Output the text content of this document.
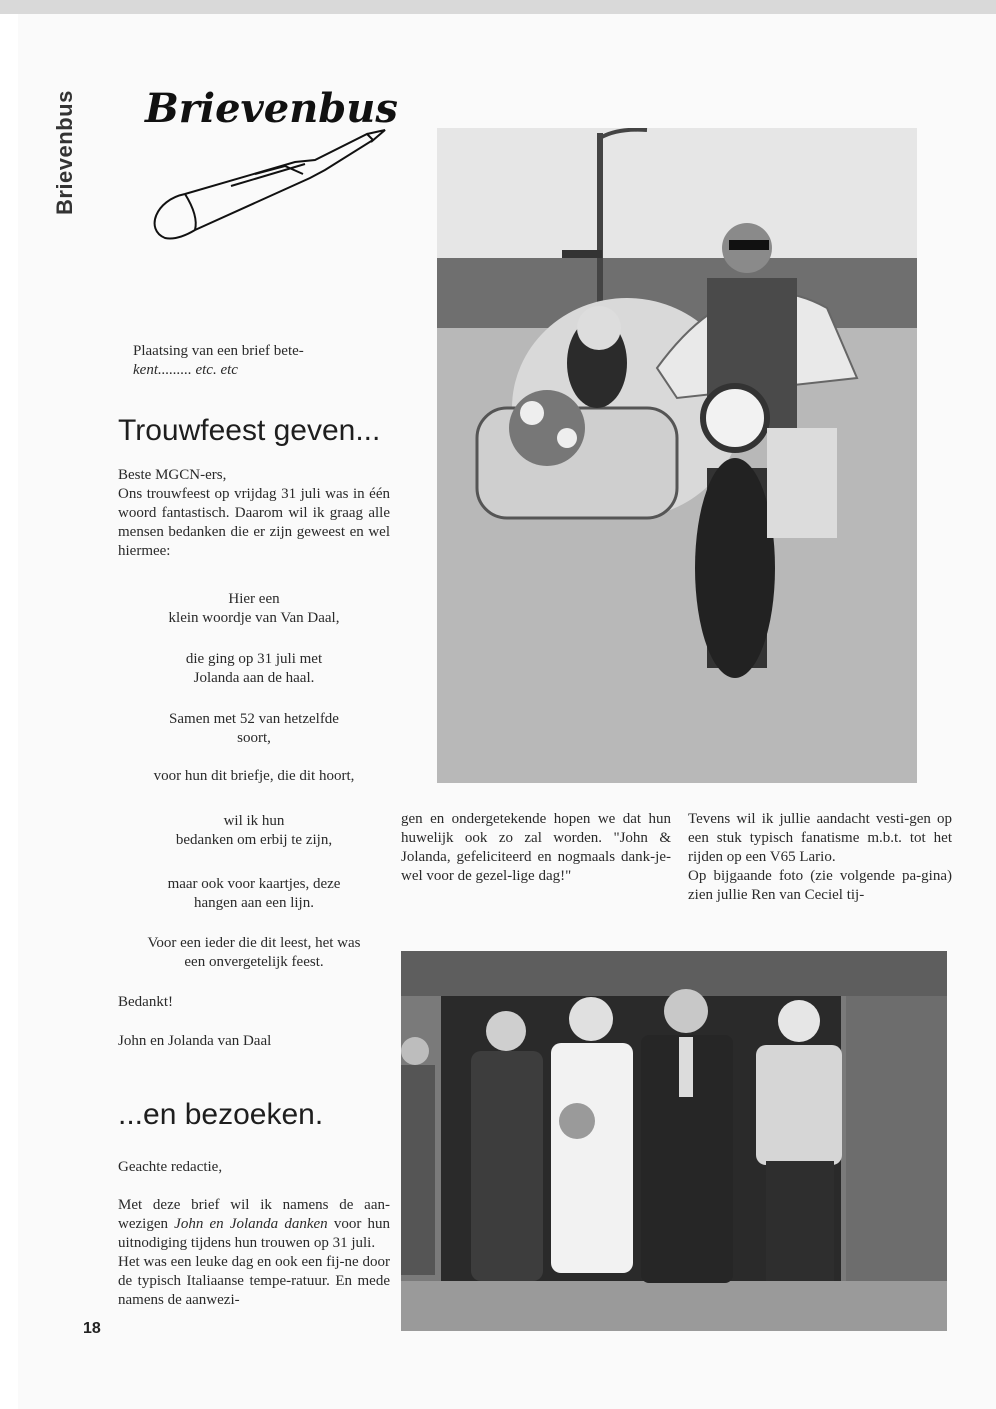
Brievenbus Brievenbus
Plaatsing van een brief bete-
kent......... etc. etc
Trouwfeest geven...

Beste MGCN-ers,

Ons trouwfeest op vrijdag 31 juli was in één woord fantastisch. Daarom wil ik graag alle mensen bedanken die er zijn geweest en wel hiermee:

Hier een

klein woordje van Van Daal,

die ging op 31 juli met

Jolanda aan de haal.

Samen met 52 van hetzelfde

soort,

voor hun dit briefje, die dit hoort,

wil ik hun

bedanken om erbij te zijn,

maar ook voor kaartjes, deze

hangen aan een lijn.

Voor een ieder die dit leest, het was

een onvergetelijk feest.

Bedankt!
John en Jolanda van Daal
...en bezoeken.
Geachte redactie,

Met deze brief wil ik namens de aan-wezigen John en Jolanda danken voor hun uitnodiging tijdens hun trouwen op 31 juli.

Het was een leuke dag en ook een fij-ne door de typisch Italiaanse tempe-ratuur. En mede namens de aanwezi-

gen en ondergetekende hopen we dat hun huwelijk ook zo zal worden. "John & Jolanda, gefeliciteerd en nogmaals dank-je-wel voor de gezel-lige dag!"

Tevens wil ik jullie aandacht vesti-gen op een stuk typisch fanatisme m.b.t. tot het rijden op een V65 Lario.

Op bijgaande foto (zie volgende pa-gina) zien jullie Ren van Ceciel tij-

18
